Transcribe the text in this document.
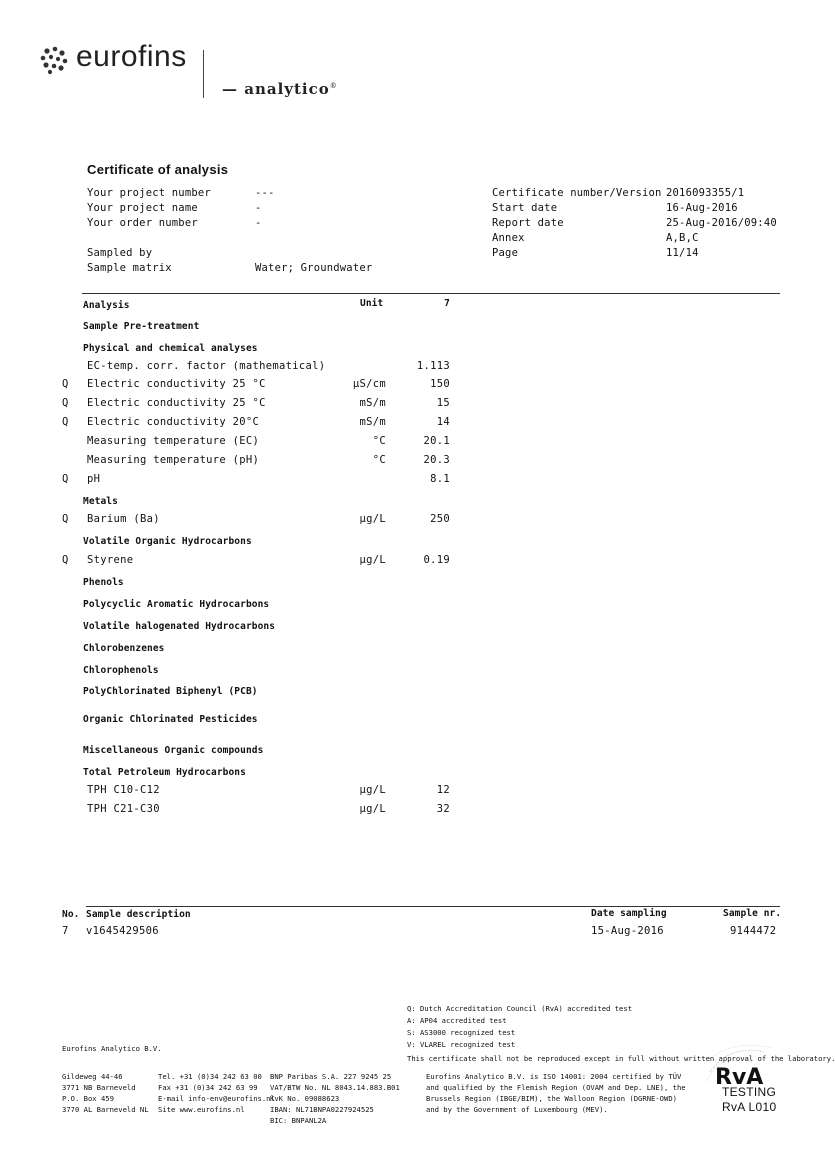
eurofins
— analytico®
Certificate of analysis
Your project number	---
Your project name	-
Your order number	-
Sampled by
Sample matrix	Water; Groundwater
Certificate number/Version 2016093355/1
Start date	16-Aug-2016
Report date	25-Aug-2016/09:40
Annex	A,B,C
Page	11/14
Analysis	Unit	7
Sample Pre-treatment
Physical and chemical analyses
EC-temp. corr. factor (mathematical)	1.113
Q Electric conductivity 25 °C	µS/cm	150
Q Electric conductivity 25 °C	mS/m	15
Q Electric conductivity 20°C	mS/m	14
Measuring temperature (EC)	°C	20.1
Measuring temperature (pH)	°C	20.3
Q pH	8.1
Metals
Q Barium (Ba)	µg/L	250
Volatile Organic Hydrocarbons
Q Styrene	µg/L	0.19
Phenols
Polycyclic Aromatic Hydrocarbons
Volatile halogenated Hydrocarbons
Chlorobenzenes
Chlorophenols
PolyChlorinated Biphenyl (PCB)
Organic Chlorinated Pesticides
Miscellaneous Organic compounds
Total Petroleum Hydrocarbons
TPH C10-C12	µg/L	12
TPH C21-C30	µg/L	32
No. Sample description	Date sampling	Sample nr.
7 v1645429506	15-Aug-2016	9144472
Q: Dutch Accreditation Council (RvA) accredited test
A: AP04 accredited test
S: AS3000 recognized test
V: VLAREL recognized test
This certificate shall not be reproduced except in full without written approval of the laboratory.
Eurofins Analytico B.V.
Gildeweg 44-46
3771 NB Barneveld
P.O. Box 459
3770 AL Barneveld NL
Tel. +31 (0)34 242 63 00
Fax +31 (0)34 242 63 99
E-mail info-env@eurofins.nl
Site www.eurofins.nl
BNP Paribas S.A. 227 9245 25
VAT/BTW No. NL 8043.14.883.B01
KvK No. 09088623
IBAN: NL71BNPA0227924525
BIC: BNPANL2A
Eurofins Analytico B.V. is ISO 14001: 2004 certified by TÜV
and qualified by the Flemish Region (OVAM and Dep. LNE), the
Brussels Region (IBGE/BIM), the Walloon Region (DGRNE-OWD)
and by the Government of Luxembourg (MEV).
RvA
TESTING
RvA L010
